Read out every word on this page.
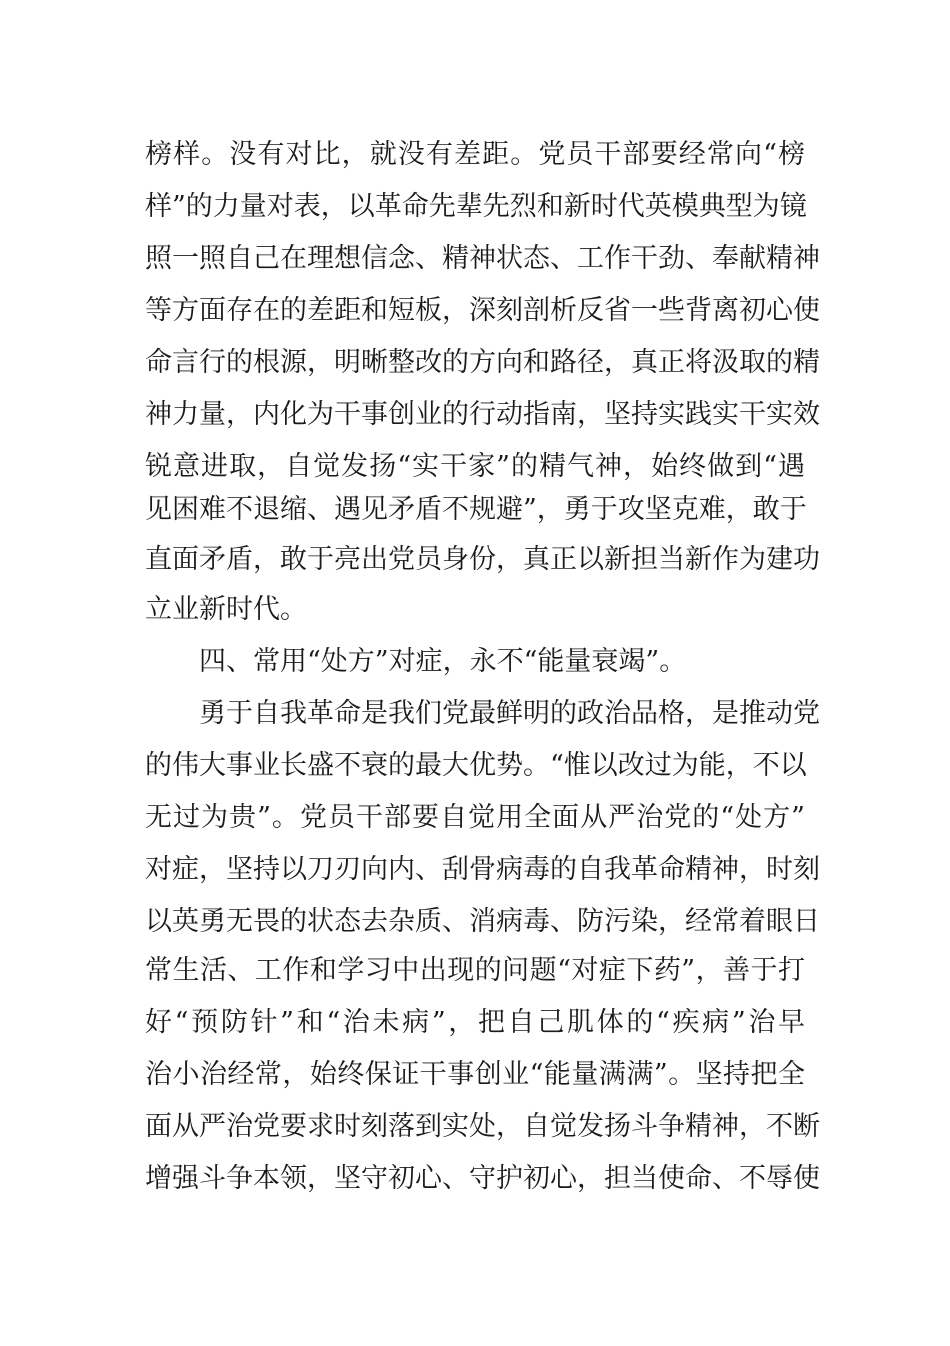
榜样。没有对比，就没有差距。党员干部要经常向“榜
样”的力量对表，以革命先辈先烈和新时代英模典型为镜
照一照自己在理想信念、精神状态、工作干劲、奉献精神
等方面存在的差距和短板，深刻剖析反省一些背离初心使
命言行的根源，明晰整改的方向和路径，真正将汲取的精
神力量，内化为干事创业的行动指南，坚持实践实干实效
锐意进取，自觉发扬“实干家”的精气神，始终做到“遇
见困难不退缩、遇见矛盾不规避”，勇于攻坚克难，敢于
直面矛盾，敢于亮出党员身份，真正以新担当新作为建功
立业新时代。
四、常用“处方”对症，永不“能量衰竭”。
勇于自我革命是我们党最鲜明的政治品格，是推动党
的伟大事业长盛不衰的最大优势。“惟以改过为能，不以
无过为贵”。党员干部要自觉用全面从严治党的“处方”
对症，坚持以刀刃向内、刮骨病毒的自我革命精神，时刻
以英勇无畏的状态去杂质、消病毒、防污染，经常着眼日
常生活、工作和学习中出现的问题“对症下药”，善于打
好“预防针”和“治未病”，把自己肌体的“疾病”治早
治小治经常，始终保证干事创业“能量满满”。坚持把全
面从严治党要求时刻落到实处，自觉发扬斗争精神，不断
增强斗争本领，坚守初心、守护初心，担当使命、不辱使
